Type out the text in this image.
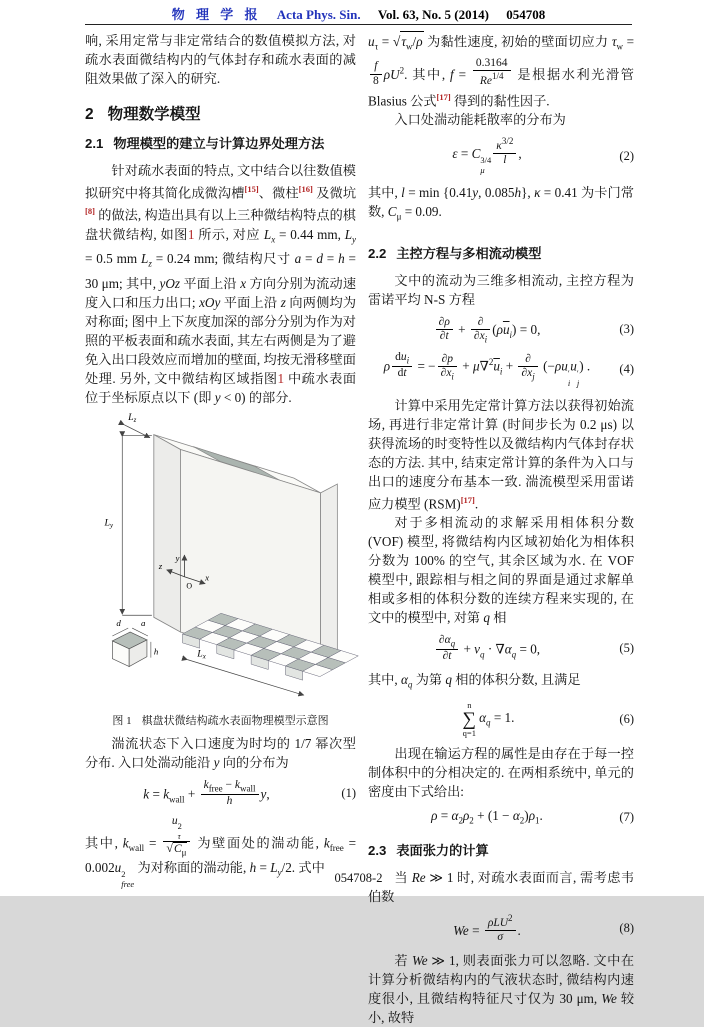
物 理 学 报 Acta Phys. Sin. Vol. 63, No. 5 (2014) 054708
响, 采用定常与非定常结合的数值模拟方法, 对疏水表面微结构内的气体封存和疏水表面的减阻效果做了深入的研究.
2 物理数学模型
2.1 物理模型的建立与计算边界处理方法
针对疏水表面的特点, 文中结合以往数值模拟研究中将其简化成微沟槽[15]、微柱[16] 及微坑[8] 的做法, 构造出具有以上三种微结构特点的棋盘状微结构, 如图1 所示, 对应 $L_x = 0.44$ mm, $L_y = 0.5$ mm $L_z = 0.24$ mm; 微结构尺寸 a = d = h = 30 μm; 其中, yOz 平面上沿 x 方向分别为流动速度入口和压力出口; xOy 平面上沿 z 向两侧均为对称面; 图中上下灰度加深的部分分别为作为对照的平板表面和疏水表面, 其左右两侧是为了避免入出口段效应而增加的壁面, 均按无滑移壁面处理. 另外, 文中微结构区域指图1 中疏水表面位于坐标原点以下 (即 y < 0) 的部分.
y
x
z
O
$L_y$
$L_z$
$L_x$
d a
h
图 1 棋盘状微结构疏水表面物理模型示意图
湍流状态下入口速度为时均的 1/7 幂次型分布. 入口处湍动能沿 y 向的分布为
$k = k_{wall} + \frac{k_{free} - k_{wall}}{h} y$,	(1)
其中, $k_{wall} = u$ 2
τ
$√C_\mu$ 为壁面处的湍动能, $k_{free} = 0.002u$ 2
free
为对称面的湍动能, $h = L_y/2$. 式中
$u_\tau = √\tau_w/\rho$ 为黏性速度, 初始的壁面切应力 $\tau_w$ =
$\frac{f}{8} \rho U^2$. 其中, $f = \frac{0.3164}{Re^{1/4}}$ 是根据水利光滑管 Blasius 公式[17] 得到的黏性因子.
入口处湍动能耗散率的分布为
ε = C 3/4
μ
$\frac{\kappa^{3/2}}{l}$ ,	(2)
其中, l = min {0.41y, 0.085h}, κ = 0.41 为卡门常数, $C_\mu = 0.09$.
2.2 主控方程与多相流动模型
文中的流动为三维多相流动, 主控方程为雷诺平均 N-S 方程
$\frac{\partial\rho}{\partial t} + \frac{\partial}{\partial x_i} (\rho\overline{u}_i) = 0$,	(3)
ρ $\frac{du_i}{dt}$ = − $\frac{\partial p}{\partial x_i} + \mu\nabla^2\overline{u}_i + \frac{\partial}{\partial x_j} (-\rho u$ ′
i
u ′
j
) .	(4)
计算中采用先定常计算方法以获得初始流场, 再进行非定常计算 (时间步长为 0.2 μs) 以获得流场的时变特性以及微结构内气体封存状态的方法. 其中, 结束定常计算的条件为入口与出口的速度分布基本一致. 湍流模型采用雷诺应力模型 (RSM)[17].
对于多相流动的求解采用相体积分数 (VOF) 模型, 将微结构内区域初始化为相体积分数为 100% 的空气, 其余区域为水. 在 VOF 模型中, 跟踪相与相之间的界面是通过求解单相或多相的体积分数的连续方程来实现的, 在文中的模型中, 对第 q 相
$\frac{\partial\alpha_q}{\partial t} + v_q \cdot \nabla\alpha_q = 0$,	(5)
其中, $\alpha_q$ 为第 q 相的体积分数, 且满足
n
∑
q=1
$\alpha_q = 1$.	(6)
出现在输运方程的属性是由存在于每一控制体积中的分相决定的. 在两相系统中, 单元的密度由下式给出:
$\rho = \alpha_2\rho_2 + (1 - \alpha_2)\rho_1$.	(7)
2.3 表面张力的计算
当 Re ≫ 1 时, 对疏水表面而言, 需考虑韦伯数
$We = \frac{\rho LU^2}{\sigma}$ .	(8)
若 We ≫ 1, 则表面张力可以忽略. 文中在计算分析微结构内的气液状态时, 微结构内速度很小, 且微结构特征尺寸仅为 30 μm, We 较小, 故特
054708-2
